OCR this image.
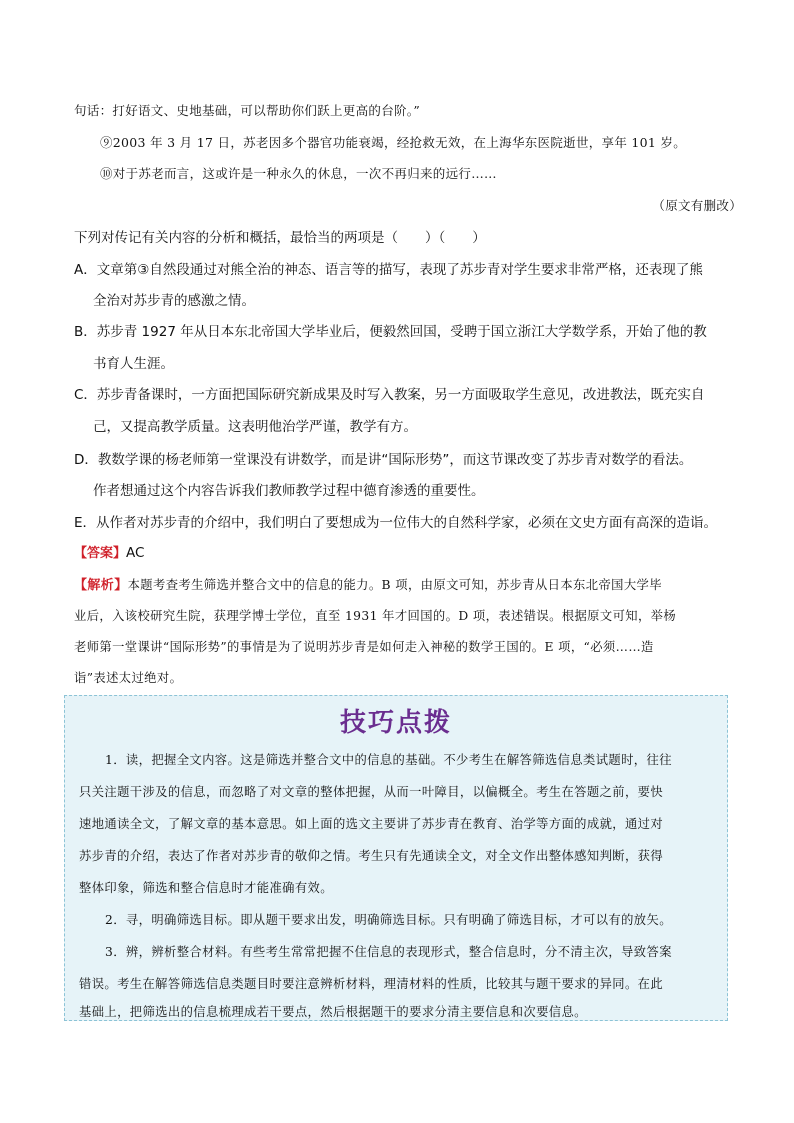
句话：打好语文、史地基础，可以帮助你们跃上更高的台阶。”
⑨2003 年 3 月 17 日，苏老因多个器官功能衰竭，经抢救无效，在上海华东医院逝世，享年 101 岁。
⑩对于苏老而言，这或许是一种永久的休息，一次不再归来的远行……
（原文有删改）
下列对传记有关内容的分析和概括，最恰当的两项是（　　）（　　）
A．文章第③自然段通过对熊全治的神态、语言等的描写，表现了苏步青对学生要求非常严格，还表现了熊
全治对苏步青的感激之情。
B．苏步青 1927 年从日本东北帝国大学毕业后，便毅然回国，受聘于国立浙江大学数学系，开始了他的教
书育人生涯。
C．苏步青备课时，一方面把国际研究新成果及时写入教案，另一方面吸取学生意见，改进教法，既充实自
己，又提高教学质量。这表明他治学严谨，教学有方。
D．教数学课的杨老师第一堂课没有讲数学，而是讲“国际形势”，而这节课改变了苏步青对数学的看法。
作者想通过这个内容告诉我们教师教学过程中德育渗透的重要性。
E．从作者对苏步青的介绍中，我们明白了要想成为一位伟大的自然科学家，必须在文史方面有高深的造诣。
【答案】AC
【解析】本题考查考生筛选并整合文中的信息的能力。B 项，由原文可知，苏步青从日本东北帝国大学毕
业后，入该校研究生院，获理学博士学位，直至 1931 年才回国的。D 项，表述错误。根据原文可知，举杨
老师第一堂课讲“国际形势”的事情是为了说明苏步青是如何走入神秘的数学王国的。E 项，“必须……造
诣”表述太过绝对。
技巧点拨
1．读，把握全文内容。这是筛选并整合文中的信息的基础。不少考生在解答筛选信息类试题时，往往
只关注题干涉及的信息，而忽略了对文章的整体把握，从而一叶障目，以偏概全。考生在答题之前，要快
速地通读全文，了解文章的基本意思。如上面的选文主要讲了苏步青在教育、治学等方面的成就，通过对
苏步青的介绍，表达了作者对苏步青的敬仰之情。考生只有先通读全文，对全文作出整体感知判断，获得
整体印象，筛选和整合信息时才能准确有效。
2．寻，明确筛选目标。即从题干要求出发，明确筛选目标。只有明确了筛选目标，才可以有的放矢。
3．辨，辨析整合材料。有些考生常常把握不住信息的表现形式，整合信息时，分不清主次，导致答案
错误。考生在解答筛选信息类题目时要注意辨析材料，理清材料的性质，比较其与题干要求的异同。在此
基础上，把筛选出的信息梳理成若干要点，然后根据题干的要求分清主要信息和次要信息。
